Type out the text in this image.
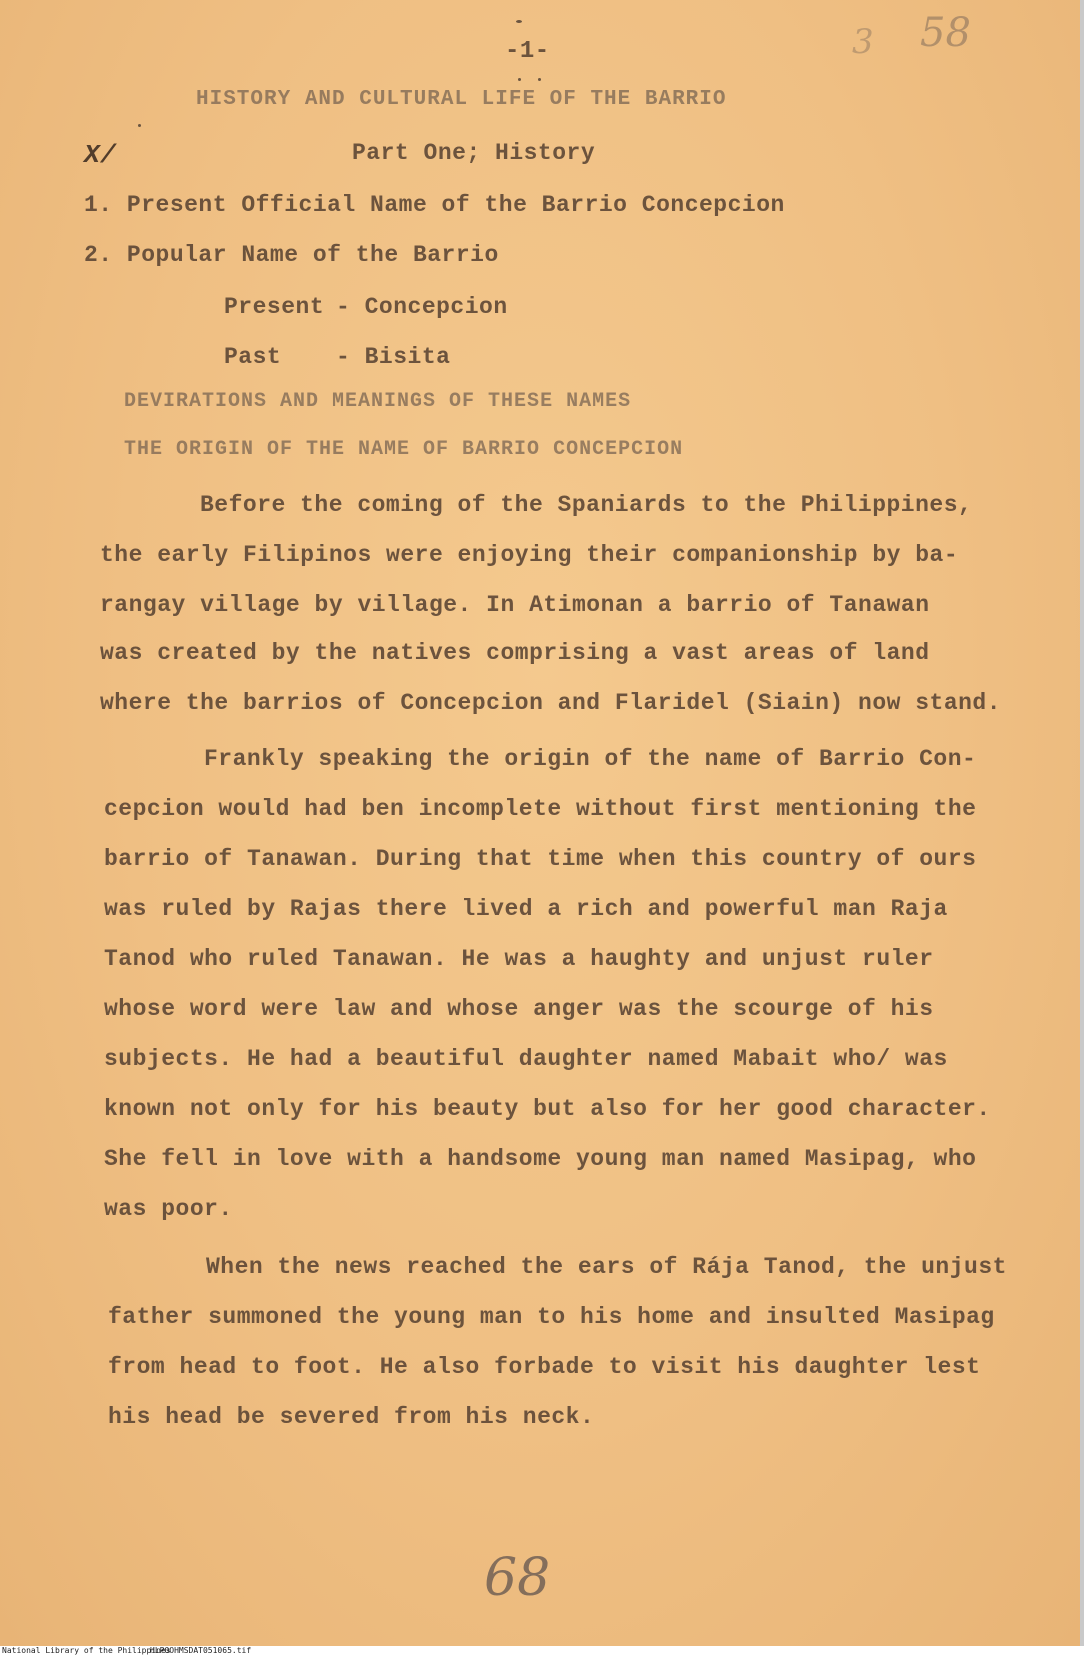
3 58
-1-
HISTORY AND CULTURAL LIFE OF THE BARRIO
X/	Part One; History
1. Present Official Name of the Barrio Concepcion
2. Popular Name of the Barrio
Present - Concepcion
Past - Bisita
DEVIRATIONS AND MEANINGS OF THESE NAMES
THE ORIGIN OF THE NAME OF BARRIO CONCEPCION
Before the coming of the Spaniards to the Philippines,
the early Filipinos were enjoying their companionship by ba-
rangay village by village. In Atimonan a barrio of Tanawan
was created by the natives comprising a vast areas of land
where the barrios of Concepcion and Flaridel (Siain) now stand.
Frankly speaking the origin of the name of Barrio Con-
cepcion would had ben incomplete without first mentioning the
barrio of Tanawan. During that time when this country of ours
was ruled by Rajas there lived a rich and powerful man Raja
Tanod who ruled Tanawan. He was a haughty and unjust ruler
whose word were law and whose anger was the scourge of his
subjects. He had a beautiful daughter named Mabait who/ was
known not only for his beauty but also for her good character.
She fell in love with a handsome young man named Masipag, who
was poor.
When the news reached the ears of Rája Tanod, the unjust
father summoned the young man to his home and insulted Masipag
from head to foot. He also forbade to visit his daughter lest
his head be severed from his neck.
68
National Library of the Philippines
HLPOOHMSDAT051065.tif
